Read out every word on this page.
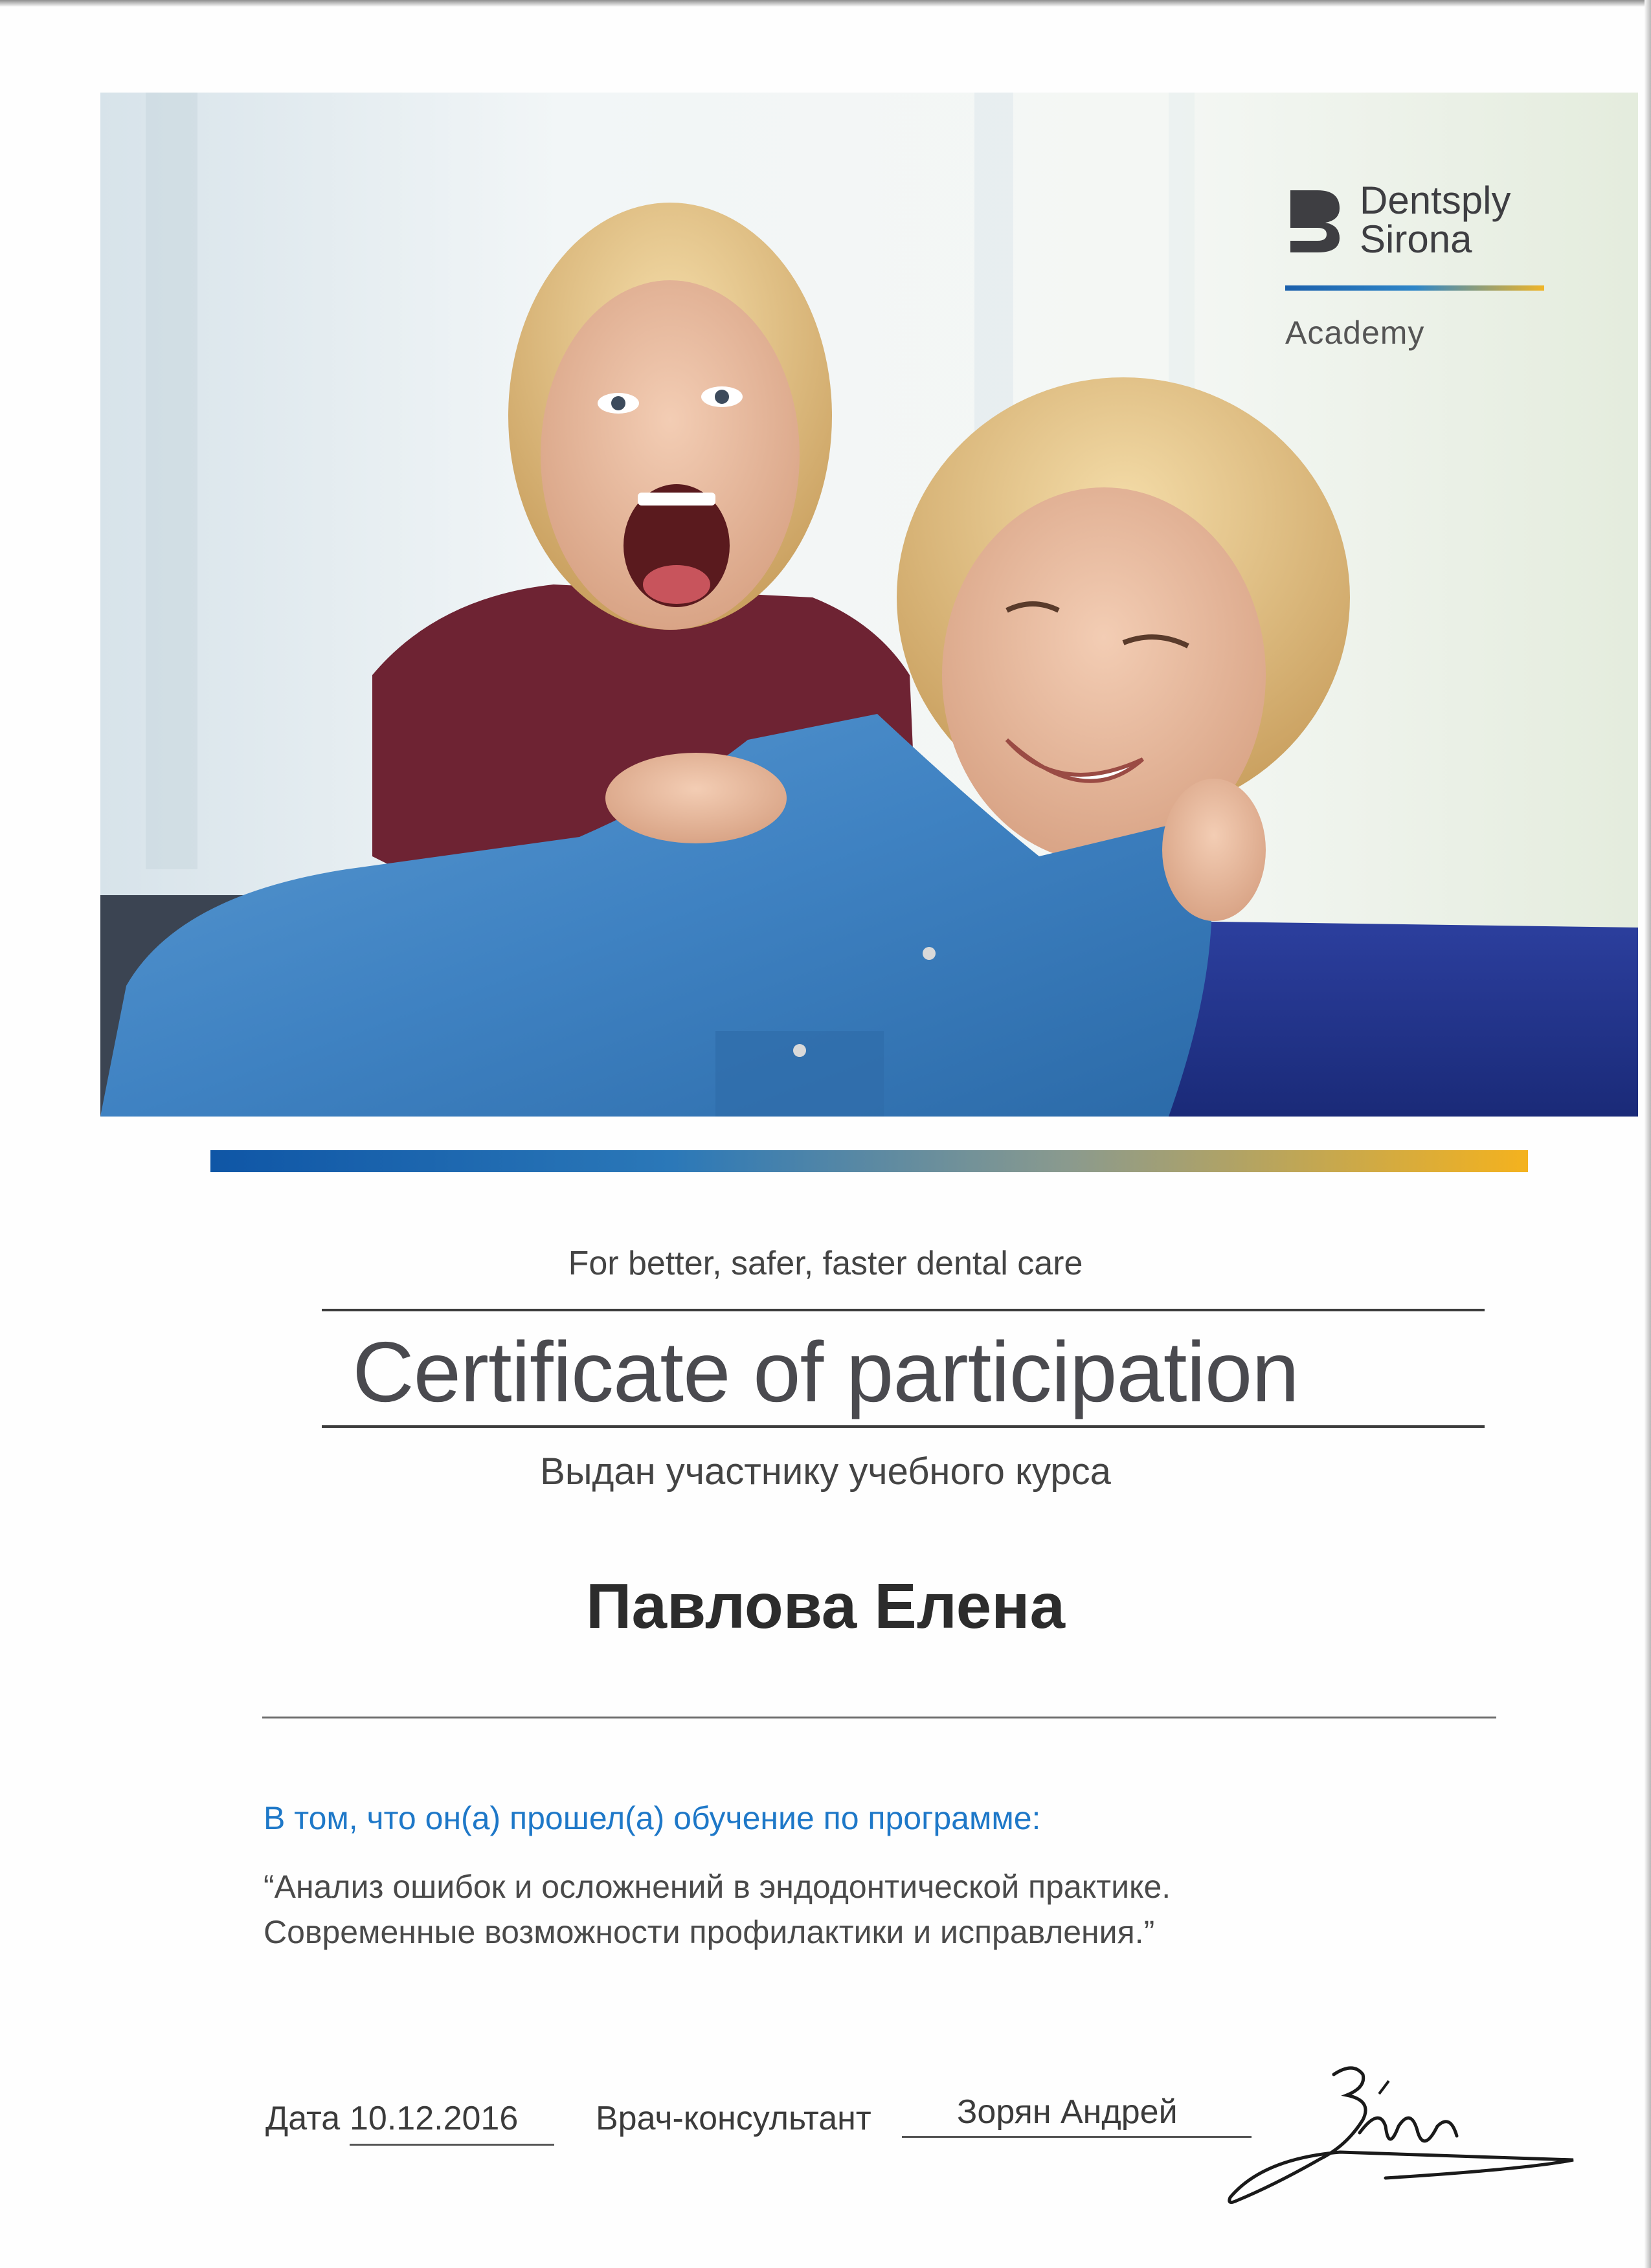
Dentsply
Sirona
Academy
For better, safer, faster dental care
Certificate of participation
Выдан участнику учебного курса
Павлова Елена
В том, что он(а) прошел(а) обучение по программе:
“Анализ ошибок и осложнений в эндодонтической практике.
Современные возможности профилактики и исправления.”
Дата 10.12.2016 Врач-консультант	Зорян Андрей
